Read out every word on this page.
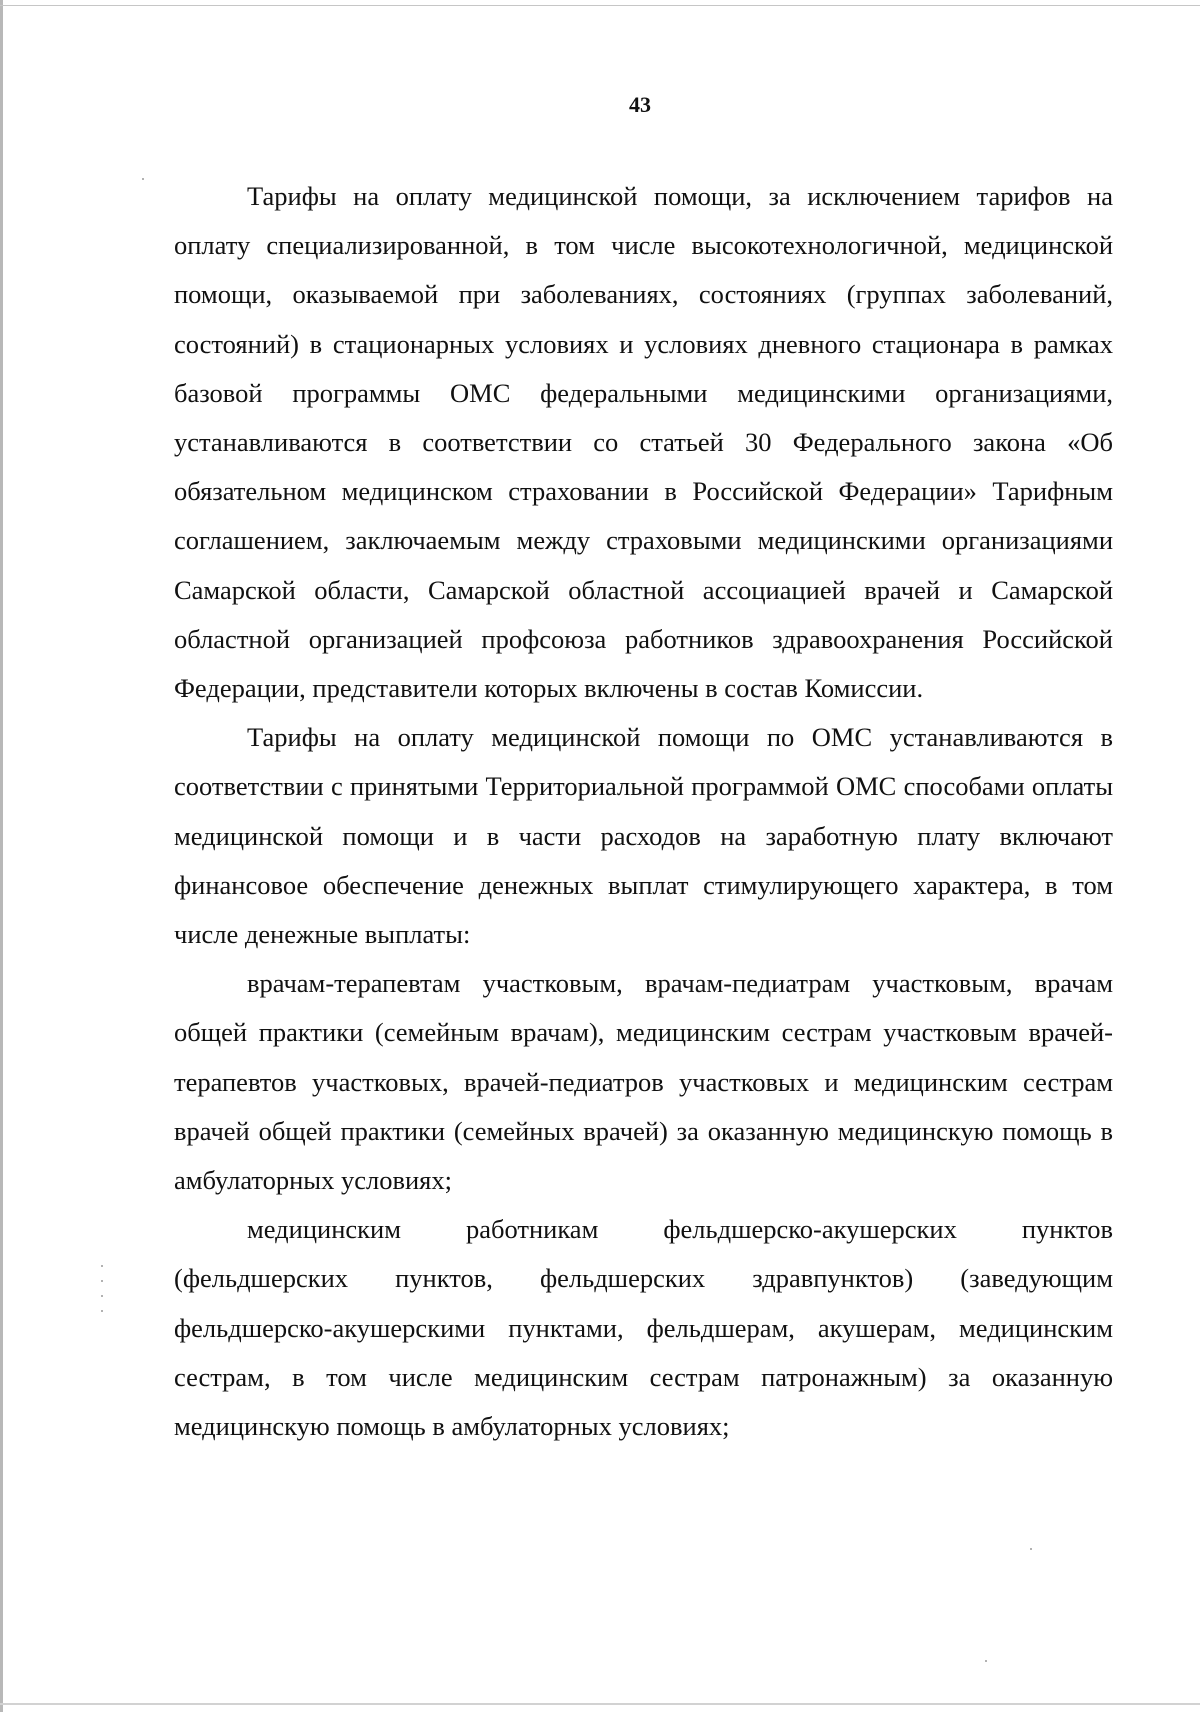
43

Тарифы на оплату медицинской помощи, за исключением тарифов на оплату специализированной, в том числе высокотехнологичной, медицинской помощи, оказываемой при заболеваниях, состояниях (группах заболеваний, состояний) в стационарных условиях и условиях дневного стационара в рамках базовой программы ОМС федеральными медицинскими организациями, устанавливаются в соответствии со статьей 30 Федерального закона «Об обязательном медицинском страховании в Российской Федерации» Тарифным соглашением, заключаемым между страховыми медицинскими организациями Самарской области, Самарской областной ассоциацией врачей и Самарской областной организацией профсоюза работников здравоохранения Российской Федерации, представители которых включены в состав Комиссии.

Тарифы на оплату медицинской помощи по ОМС устанавливаются в соответствии с принятыми Территориальной программой ОМС способами оплаты медицинской помощи и в части расходов на заработную плату включают финансовое обеспечение денежных выплат стимулирующего характера, в том числе денежные выплаты:

врачам-терапевтам участковым, врачам-педиатрам участковым, врачам общей практики (семейным врачам), медицинским сестрам участковым врачей-терапевтов участковых, врачей-педиатров участковых и медицинским сестрам врачей общей практики (семейных врачей) за оказанную медицинскую помощь в амбулаторных условиях;

медицинским работникам фельдшерско-акушерских пунктов (фельдшерских пунктов, фельдшерских здравпунктов) (заведующим фельдшерско-акушерскими пунктами, фельдшерам, акушерам, медицинским сестрам, в том числе медицинским сестрам патронажным) за оказанную медицинскую помощь в амбулаторных условиях;
